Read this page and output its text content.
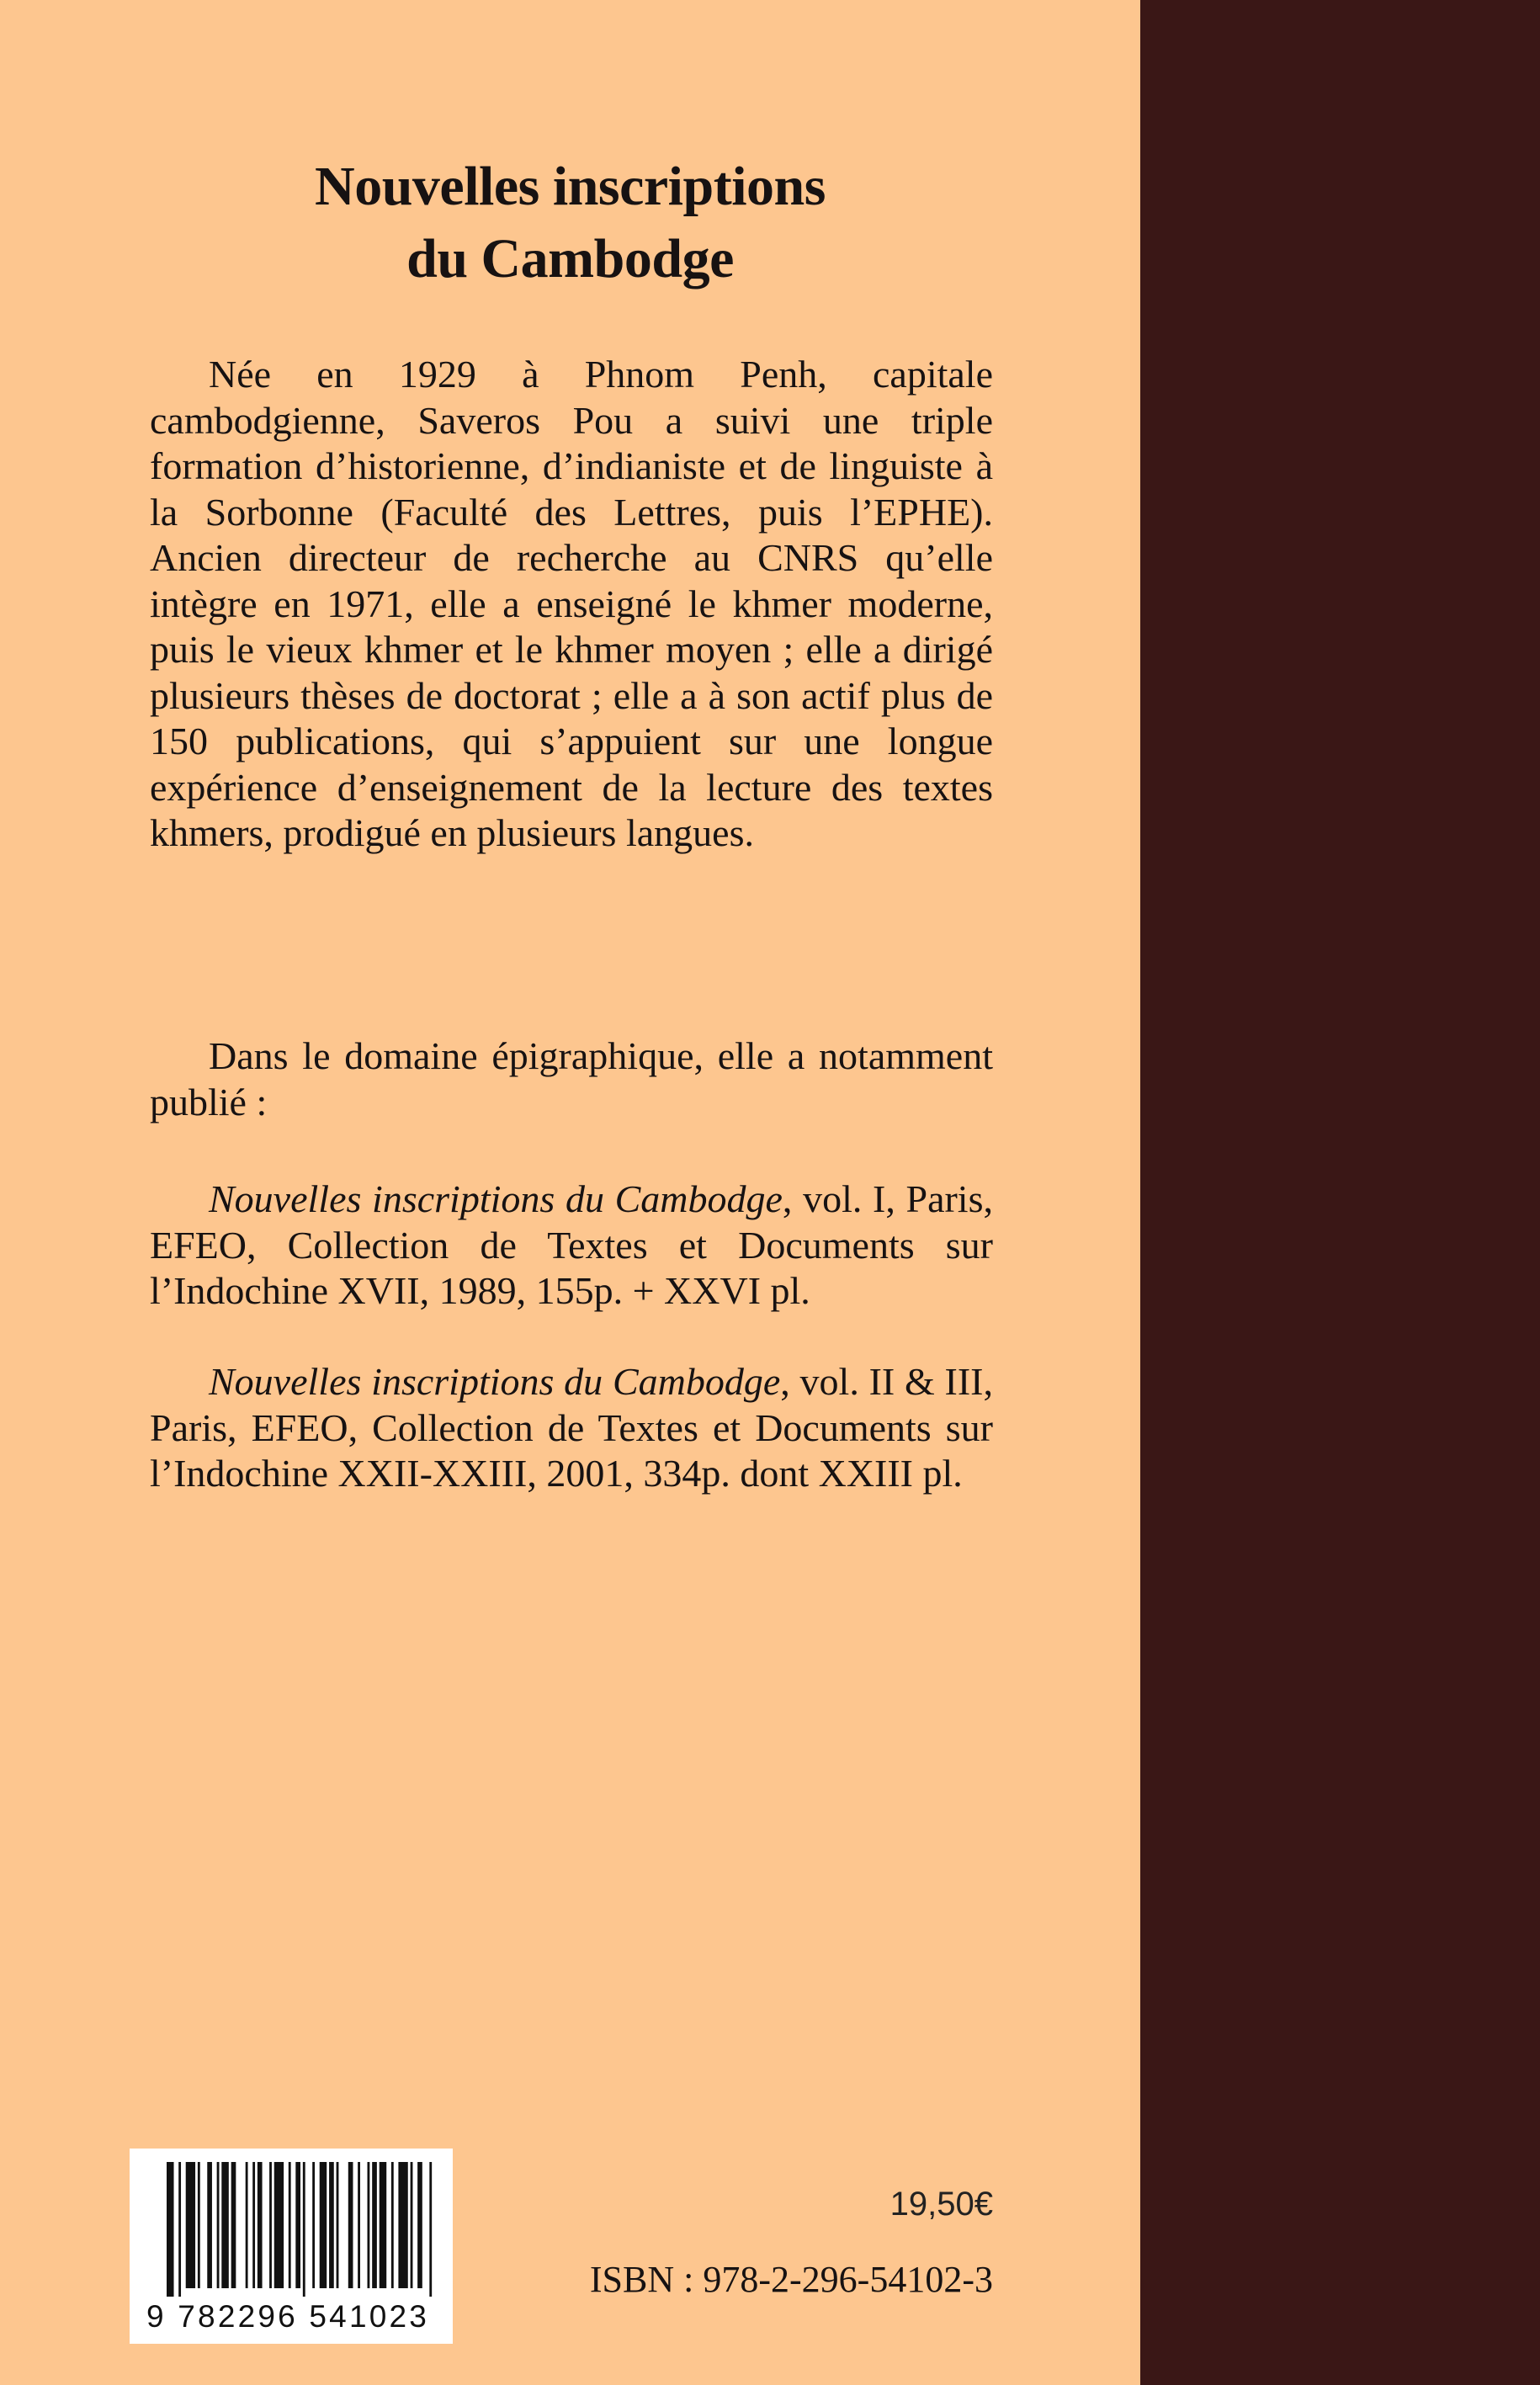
Nouvelles inscriptions
du Cambodge

Née en 1929 à Phnom Penh, capitale cambodgienne, Saveros Pou a suivi une triple formation d’historienne, d’indianiste et de linguiste à la Sorbonne (Faculté des Lettres, puis l’EPHE). Ancien directeur de recherche au CNRS qu’elle intègre en 1971, elle a enseigné le khmer moderne, puis le vieux khmer et le khmer moyen ; elle a dirigé plusieurs thèses de doctorat ; elle a à son actif plus de 150 publications, qui s’appuient sur une longue expérience d’enseignement de la lecture des textes khmers, prodigué en plusieurs langues.

Dans le domaine épigraphique, elle a notamment publié :

Nouvelles inscriptions du Cambodge, vol. I, Paris, EFEO, Collection de Textes et Documents sur l’Indochine XVII, 1989, 155p. + XXVI pl.

Nouvelles inscriptions du Cambodge, vol. II & III, Paris, EFEO, Collection de Textes et Documents sur l’Indochine XXII-XXIII, 2001, 334p. dont XXIII pl.

9 782296 541023
19,50€
ISBN : 978-2-296-54102-3
